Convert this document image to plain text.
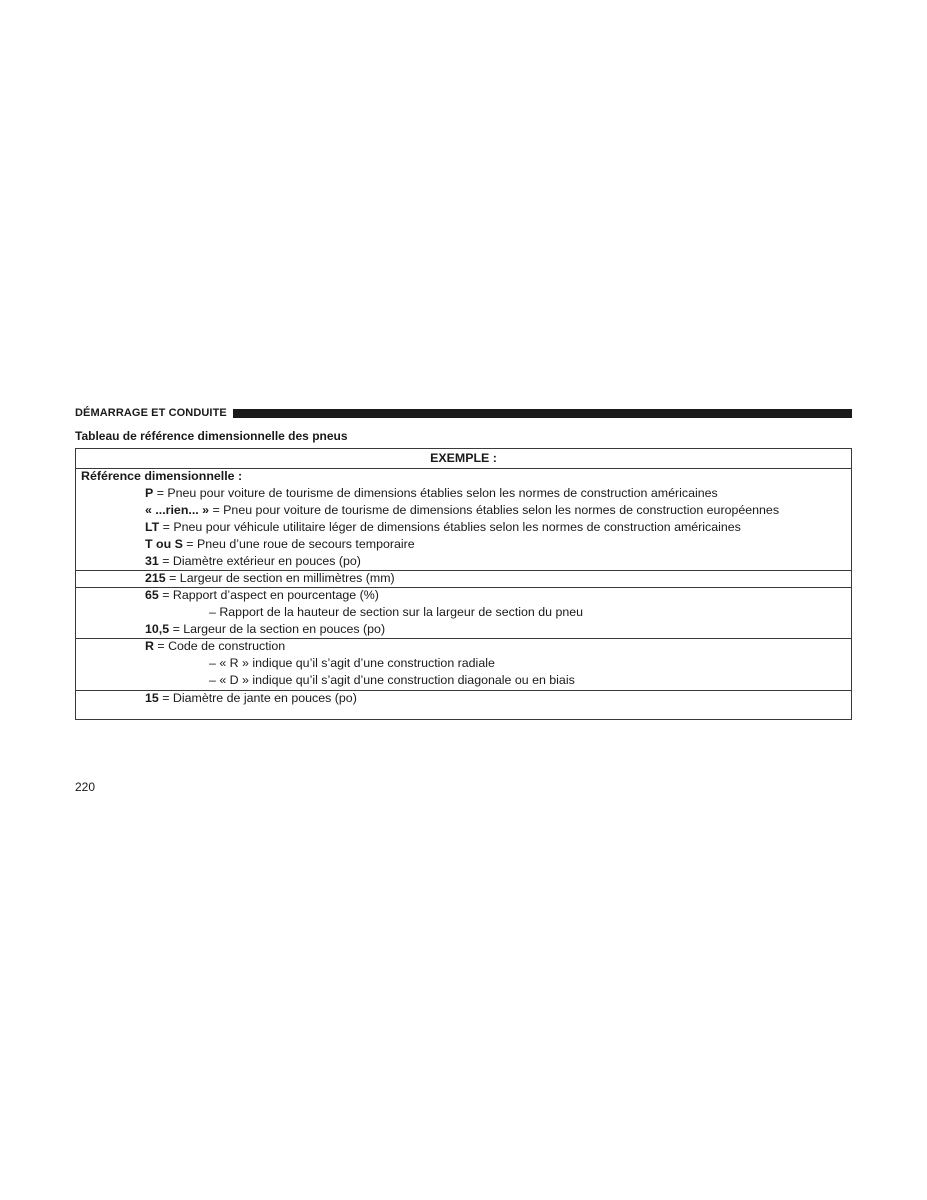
DÉMARRAGE ET CONDUITE
Tableau de référence dimensionnelle des pneus
EXEMPLE :
Référence dimensionnelle :
P = Pneu pour voiture de tourisme de dimensions établies selon les normes de construction américaines
« ...rien... » = Pneu pour voiture de tourisme de dimensions établies selon les normes de construction européennes
LT = Pneu pour véhicule utilitaire léger de dimensions établies selon les normes de construction américaines
T ou S = Pneu d’une roue de secours temporaire
31 = Diamètre extérieur en pouces (po)
215 = Largeur de section en millimètres (mm)
65 = Rapport d’aspect en pourcentage (%)
– Rapport de la hauteur de section sur la largeur de section du pneu
10,5 = Largeur de la section en pouces (po)
R = Code de construction
– « R » indique qu’il s’agit d’une construction radiale
– « D » indique qu’il s’agit d’une construction diagonale ou en biais
15 = Diamètre de jante en pouces (po)
220
